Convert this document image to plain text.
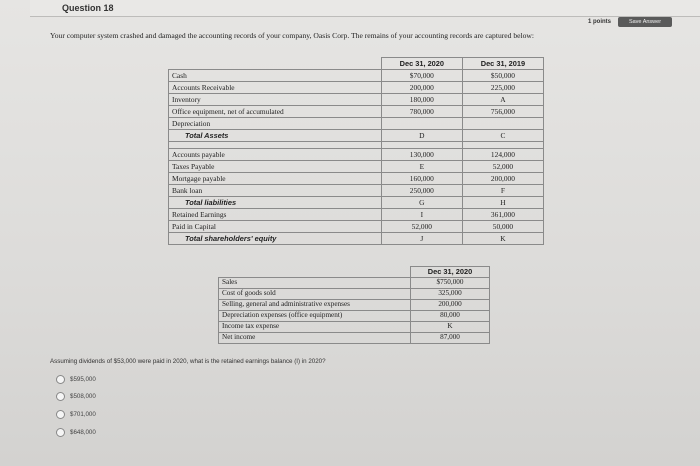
Question 18
1 points	Save Answer
Your computer system crashed and damaged the accounting records of your company, Oasis Corp. The remains of your accounting records are captured below:
	Dec 31, 2020	Dec 31, 2019
Cash	$70,000	$50,000
Accounts Receivable	200,000	225,000
Inventory	180,000	A
Office equipment, net of accumulated	780,000	756,000
Depreciation		
Total Assets	D	C

Accounts payable	130,000	124,000
Taxes Payable	E	52,000
Mortgage payable	160,000	200,000
Bank loan	250,000	F
Total liabilities	G	H
Retained Earnings	I	361,000
Paid in Capital	52,000	50,000
Total shareholders' equity	J	K
	Dec 31, 2020
Sales	$750,000
Cost of goods sold	325,000
Selling, general and administrative expenses	200,000
Depreciation expenses (office equipment)	80,000
Income tax expense	K
Net income	87,000
Assuming dividends of $53,000 were paid in 2020, what is the retained earnings balance (I) in 2020?
$595,000
$508,000
$701,000
$648,000
